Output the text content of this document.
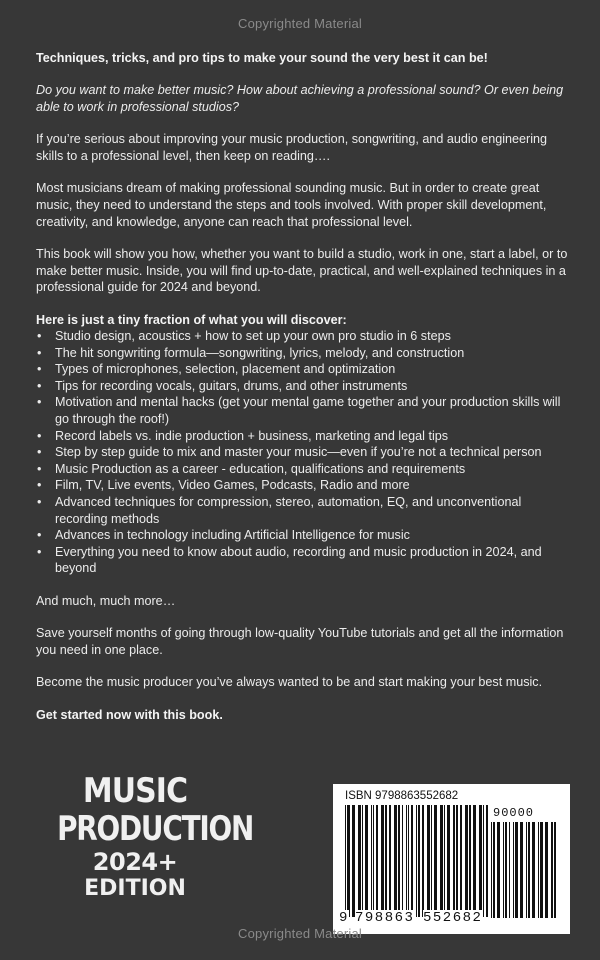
Copyrighted Material

Techniques, tricks, and pro tips to make your sound the very best it can be!

Do you want to make better music? How about achieving a professional sound? Or even being able to work in professional studios?

If you’re serious about improving your music production, songwriting, and audio engineering skills to a professional level, then keep on reading….

Most musicians dream of making professional sounding music. But in order to create great music, they need to understand the steps and tools involved. With proper skill development, creativity, and knowledge, anyone can reach that professional level.

This book will show you how, whether you want to build a studio, work in one, start a label, or to make better music. Inside, you will find up-to-date, practical, and well-explained techniques in a professional guide for 2024 and beyond.

Here is just a tiny fraction of what you will discover:
• Studio design, acoustics + how to set up your own pro studio in 6 steps
• The hit songwriting formula—songwriting, lyrics, melody, and construction
• Types of microphones, selection, placement and optimization
• Tips for recording vocals, guitars, drums, and other instruments
• Motivation and mental hacks (get your mental game together and your production skills will go through the roof!)
• Record labels vs. indie production + business, marketing and legal tips
• Step by step guide to mix and master your music—even if you’re not a technical person
• Music Production as a career - education, qualifications and requirements
• Film, TV, Live events, Video Games, Podcasts, Radio and more
• Advanced techniques for compression, stereo, automation, EQ, and unconventional recording methods
• Advances in technology including Artificial Intelligence for music
• Everything you need to know about audio, recording and music production in 2024, and beyond

And much, much more…

Save yourself months of going through low-quality YouTube tutorials and get all the information you need in one place.

Become the music producer you’ve always wanted to be and start making your best music.

Get started now with this book.

MUSIC
PRODUCTION
2024+
EDITION
ISBN 9798863552682
90000
9 798863 552682
Copyrighted Material
